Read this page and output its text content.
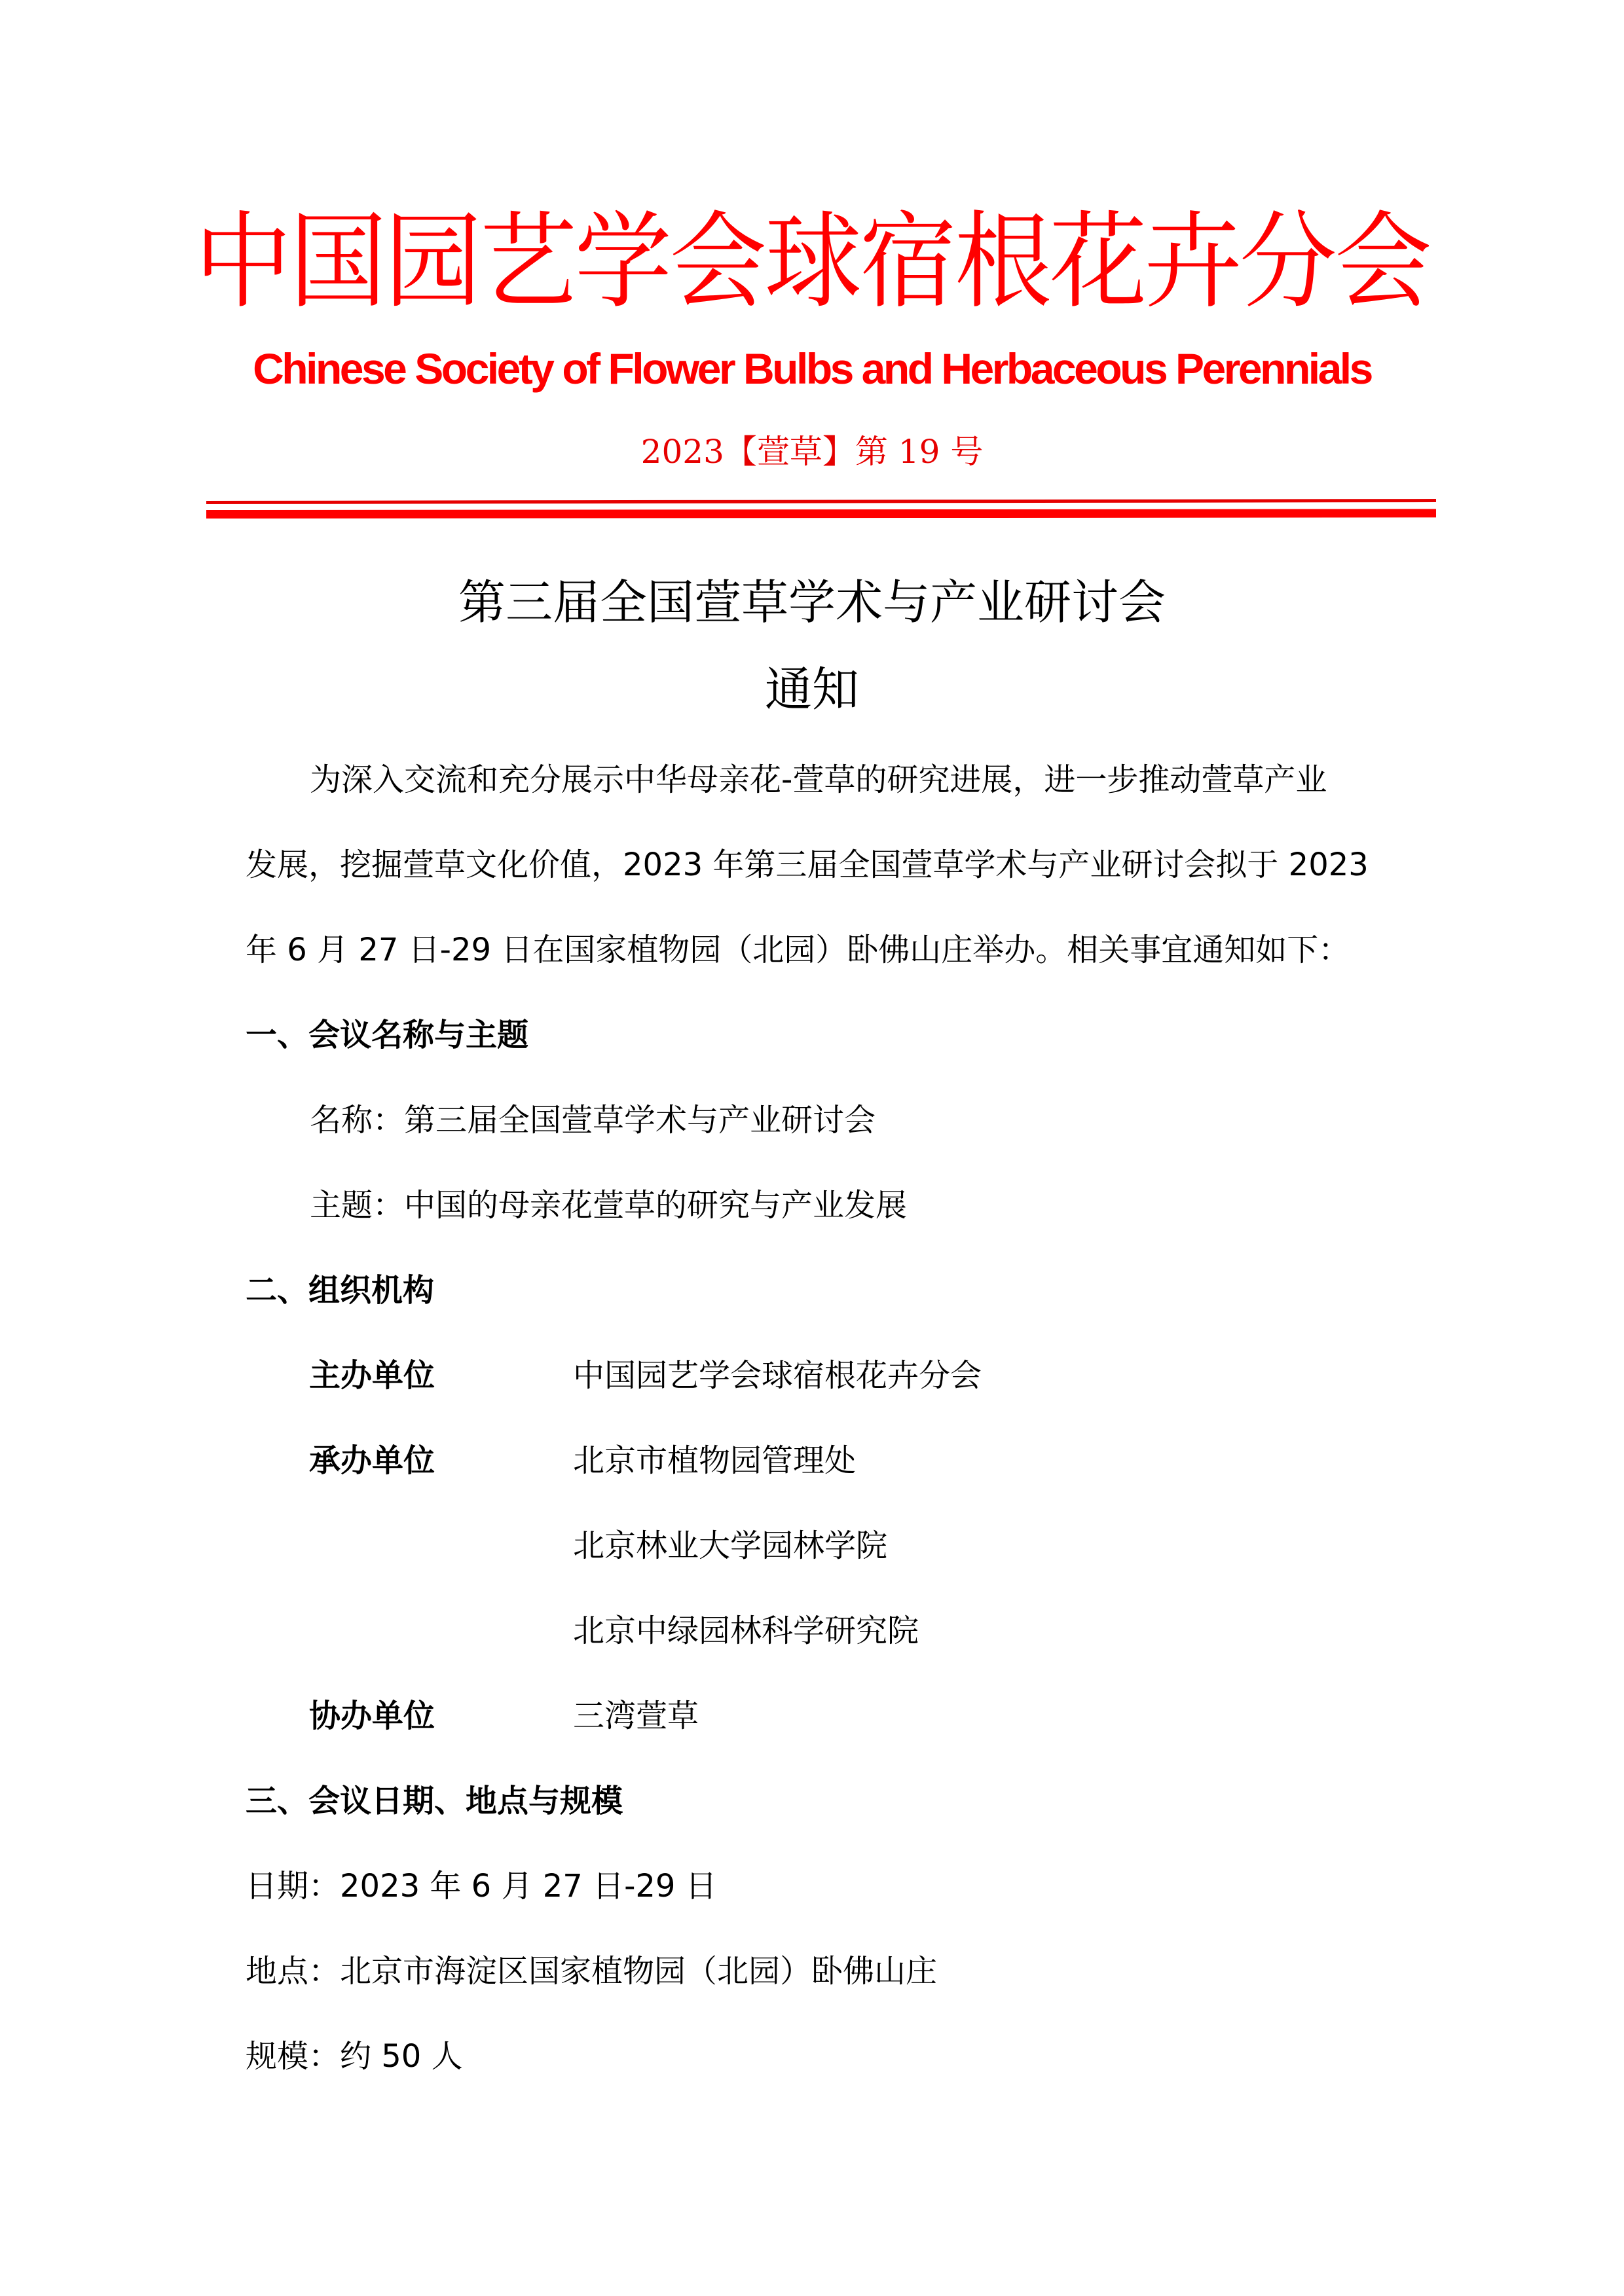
中国园艺学会球宿根花卉分会
Chinese Society of Flower Bulbs and Herbaceous Perennials
2023【萱草】第 19 号
第三届全国萱草学术与产业研讨会
通知
为深入交流和充分展示中华母亲花-萱草的研究进展，进一步推动萱草产业
发展，挖掘萱草文化价值，2023 年第三届全国萱草学术与产业研讨会拟于 2023
年 6 月 27 日-29 日在国家植物园（北园）卧佛山庄举办。相关事宜通知如下：
一、会议名称与主题
名称：第三届全国萱草学术与产业研讨会
主题：中国的母亲花萱草的研究与产业发展
二、组织机构
主办单位	中国园艺学会球宿根花卉分会
承办单位	北京市植物园管理处
北京林业大学园林学院
北京中绿园林科学研究院
协办单位	三湾萱草
三、会议日期、地点与规模
日期：2023 年 6 月 27 日-29 日
地点：北京市海淀区国家植物园（北园）卧佛山庄
规模：约 50 人
